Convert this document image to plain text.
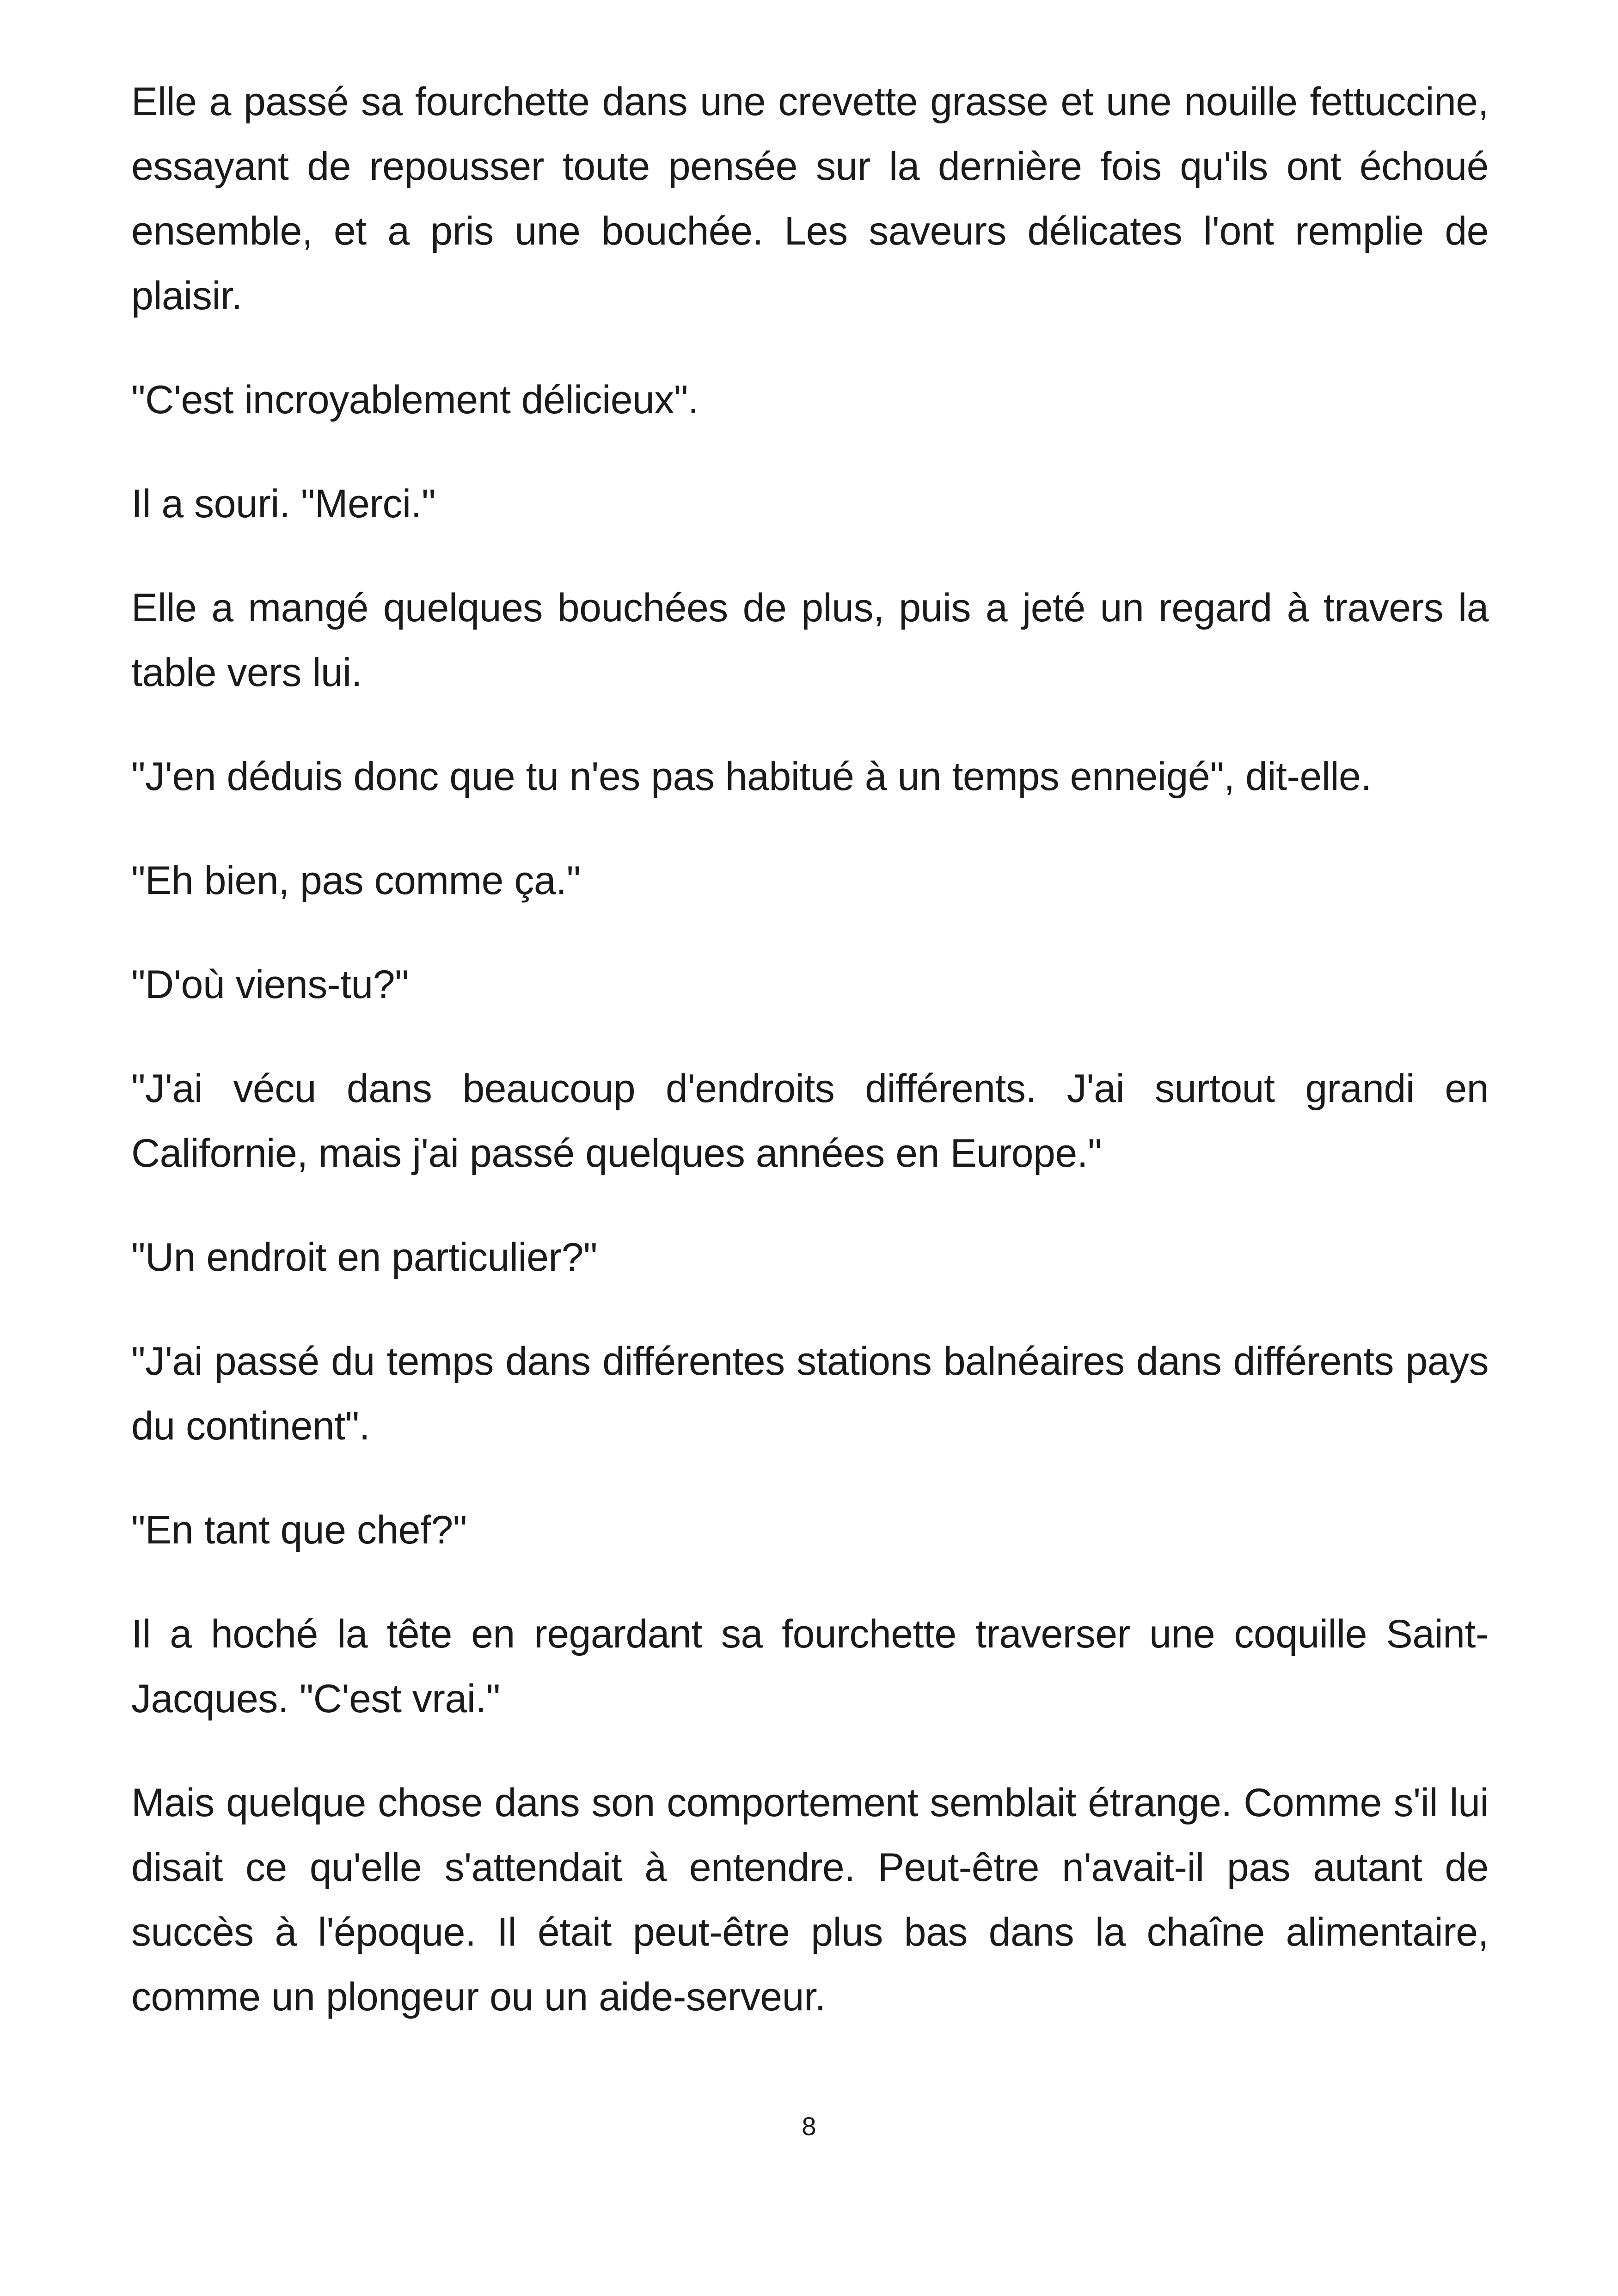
Elle a passé sa fourchette dans une crevette grasse et une nouille fettuccine, essayant de repousser toute pensée sur la dernière fois qu'ils ont échoué ensemble, et a pris une bouchée. Les saveurs délicates l'ont remplie de plaisir.

"C'est incroyablement délicieux".

Il a souri. "Merci."

Elle a mangé quelques bouchées de plus, puis a jeté un regard à travers la table vers lui.

"J'en déduis donc que tu n'es pas habitué à un temps enneigé", dit-elle.

"Eh bien, pas comme ça."

"D'où viens-tu?"

"J'ai vécu dans beaucoup d'endroits différents. J'ai surtout grandi en Californie, mais j'ai passé quelques années en Europe."

"Un endroit en particulier?"

"J'ai passé du temps dans différentes stations balnéaires dans différents pays du continent".

"En tant que chef?"

Il a hoché la tête en regardant sa fourchette traverser une coquille Saint-Jacques. "C'est vrai."

Mais quelque chose dans son comportement semblait étrange. Comme s'il lui disait ce qu'elle s'attendait à entendre. Peut-être n'avait-il pas autant de succès à l'époque. Il était peut-être plus bas dans la chaîne alimentaire, comme un plongeur ou un aide-serveur.

8
